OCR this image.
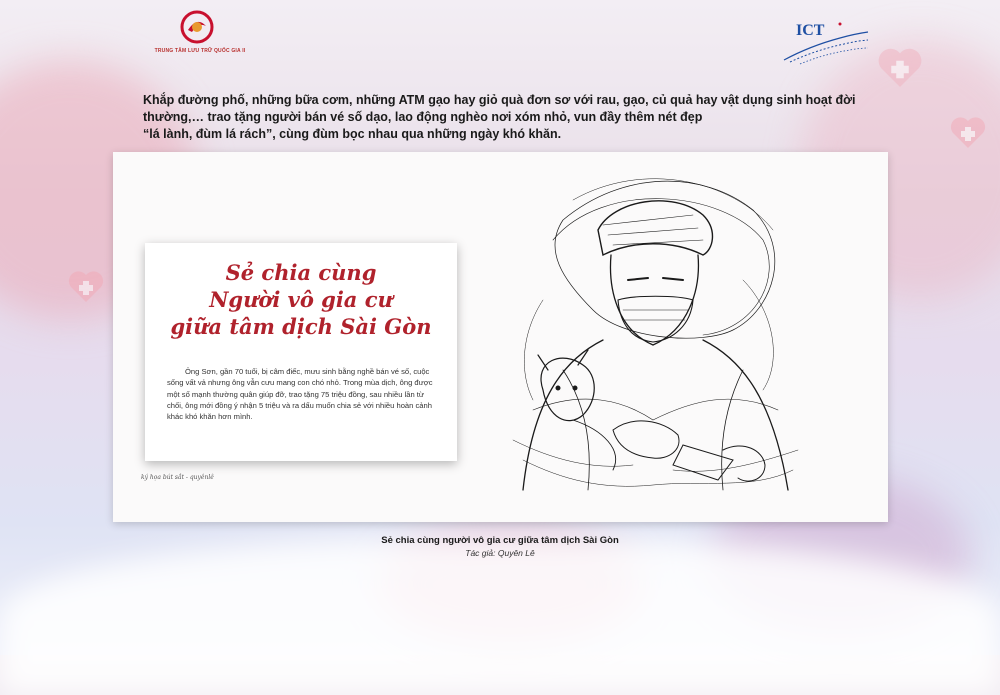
TRUNG TÂM LƯU TRỮ QUỐC GIA II
ICT

Khắp đường phố, những bữa cơm, những ATM gạo hay giỏ quà đơn sơ với rau, gạo, củ quả hay vật dụng sinh hoạt đời
thường,… trao tặng người bán vé số dạo, lao động nghèo nơi xóm nhỏ, vun đầy thêm nét đẹp
“lá lành, đùm lá rách”, cùng đùm bọc nhau qua những ngày khó khăn.

Sẻ chia cùng
Người vô gia cư
giữa tâm dịch Sài Gòn

Ông Sơn, gần 70 tuổi, bị câm điếc, mưu sinh bằng nghề bán vé số, cuộc sống vất vả nhưng ông vẫn cưu mang con chó nhỏ. Trong mùa dịch, ông được một số mạnh thường quân giúp đỡ, trao tặng 75 triệu đồng, sau nhiều lần từ chối, ông mới đồng ý nhận 5 triệu và ra dấu muốn chia sẻ với nhiều hoàn cảnh khác khó khăn hơn mình.

ký họa bút sắt - quyênlê
Sẻ chia cùng người vô gia cư giữa tâm dịch Sài Gòn
Tác giả: Quyên Lê
